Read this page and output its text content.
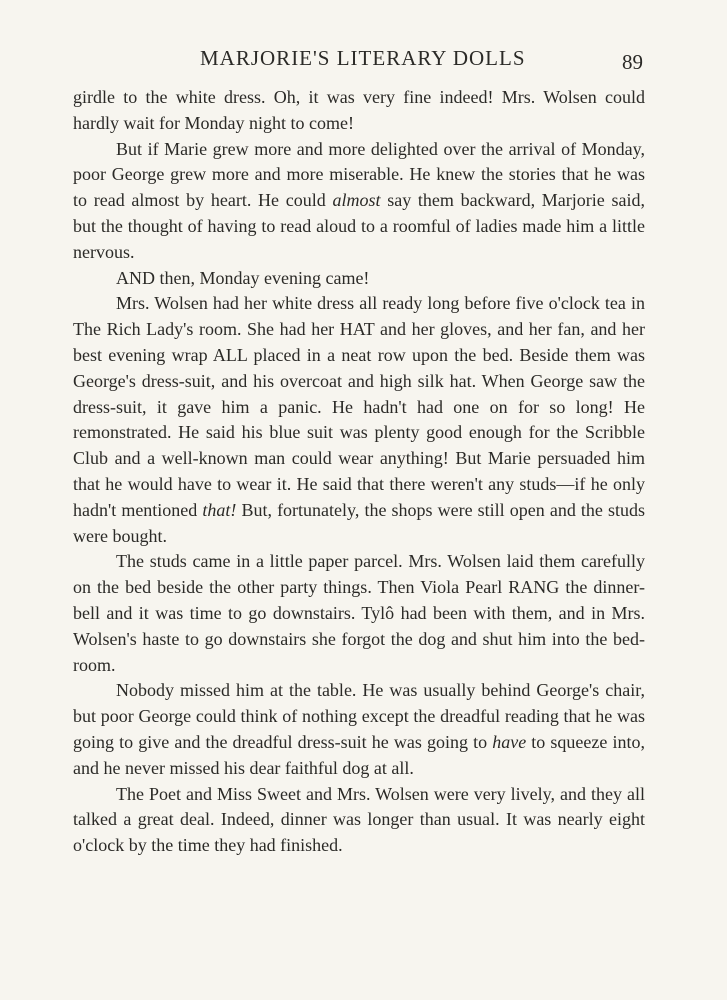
MARJORIE'S LITERARY DOLLS	89

girdle to the white dress. Oh, it was very fine indeed! Mrs. Wolsen could hardly wait for Monday night to come!

But if Marie grew more and more delighted over the arrival of Monday, poor George grew more and more miserable. He knew the stories that he was to read almost by heart. He could almost say them backward, Marjorie said, but the thought of having to read aloud to a roomful of ladies made him a little nervous.

AND then, Monday evening came!

Mrs. Wolsen had her white dress all ready long before five o'clock tea in The Rich Lady's room. She had her HAT and her gloves, and her fan, and her best evening wrap ALL placed in a neat row upon the bed. Beside them was George's dress-suit, and his overcoat and high silk hat. When George saw the dress-suit, it gave him a panic. He hadn't had one on for so long! He remonstrated. He said his blue suit was plenty good enough for the Scribble Club and a well-known man could wear anything! But Marie persuaded him that he would have to wear it. He said that there weren't any studs—if he only hadn't mentioned that! But, fortunately, the shops were still open and the studs were bought.

The studs came in a little paper parcel. Mrs. Wolsen laid them carefully on the bed beside the other party things. Then Viola Pearl RANG the dinner-bell and it was time to go downstairs. Tylô had been with them, and in Mrs. Wolsen's haste to go downstairs she forgot the dog and shut him into the bed-room.

Nobody missed him at the table. He was usually behind George's chair, but poor George could think of nothing except the dreadful reading that he was going to give and the dreadful dress-suit he was going to have to squeeze into, and he never missed his dear faithful dog at all.

The Poet and Miss Sweet and Mrs. Wolsen were very lively, and they all talked a great deal. Indeed, dinner was longer than usual. It was nearly eight o'clock by the time they had finished.
